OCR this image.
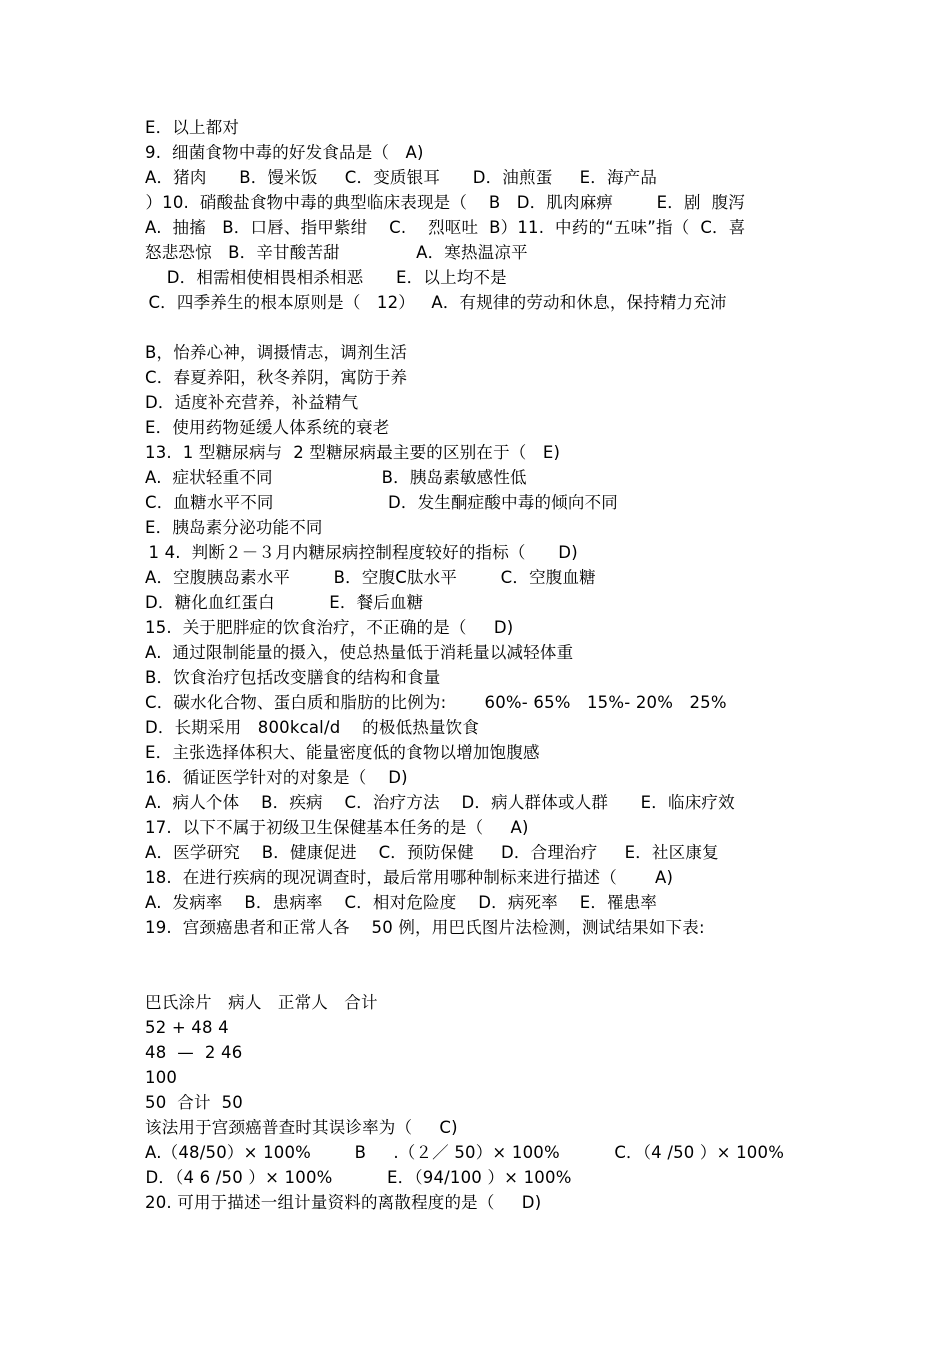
E．以上都对
9.  细菌食物中毒的好发食品是（   A)
A．猪肉      B．馒米饭     C．变质银耳      D．油煎蛋     E．海产品
）10.  硝酸盐食物中毒的典型临床表现是（    B   D．肌肉麻痹        E．剧  腹泻
A.  抽搐   B．口唇、指甲紫绀    C.    烈呕吐  B）11.  中药的“五味”指（  C．喜
怒悲恐惊   B．辛甘酸苦甜              A．寒热温凉平
D．相需相使相畏相杀相恶      E．以上均不是
C．四季养生的根本原则是（   12）   A．有规律的劳动和休息，保持精力充沛
B，怡养心神，调摄情志，调剂生活
C．春夏养阳，秋冬养阴，寓防于养
D．适度补充营养，补益精气
E．使用药物延缓人体系统的衰老
13.  1 型糖尿病与  2 型糖尿病最主要的区别在于（   E)
A.  症状轻重不同                    B．胰岛素敏感性低
C．血糖水平不同                     D．发生酮症酸中毒的倾向不同
E．胰岛素分泌功能不同
1 4.  判断２－３月内糖尿病控制程度较好的指标（      D)
A．空腹胰岛素水平        B．空腹C肽水平        C．空腹血糖
D．糖化血红蛋白          E．餐后血糖
15.  关于肥胖症的饮食治疗，不正确的是（     D)
A.  通过限制能量的摄入，使总热量低于消耗量以减轻体重
B．饮食治疗包括改变膳食的结构和食量
C．碳水化合物、蛋白质和脂肪的比例为:       60%- 65%   15%- 20%   25%
D．长期采用   800kcal/d    的极低热量饮食
E．主张选择体积大、能量密度低的食物以增加饱腹感
16.  循证医学针对的对象是（    D)
A.  病人个体    B．疾病    C．治疗方法    D．病人群体或人群      E．临床疗效
17.  以下不属于初级卫生保健基本任务的是（     A)
A．医学研究    B．健康促进    C．预防保健     D．合理治疗     E．社区康复
18.  在进行疾病的现况调查时，最后常用哪种制标来进行描述（       A)
A.  发病率    B．患病率    C．相对危险度    D．病死率    E．罹患率
19.  宫颈癌患者和正常人各    50 例，用巴氏图片法检测，测试结果如下表:
巴氏涂片   病人   正常人   合计
52 + 48 4
48  —  2 46
100
50  合计  50
该法用于宫颈癌普查时其误诊率为（     C)
A.（48/50）× 100%        B     .（２／ 50）× 100%          C．（4 /50 ）× 100%
D．（4 6 /50 ）× 100%          E．（94/100 ）× 100%
20. 可用于描述一组计量资料的离散程度的是（     D)
